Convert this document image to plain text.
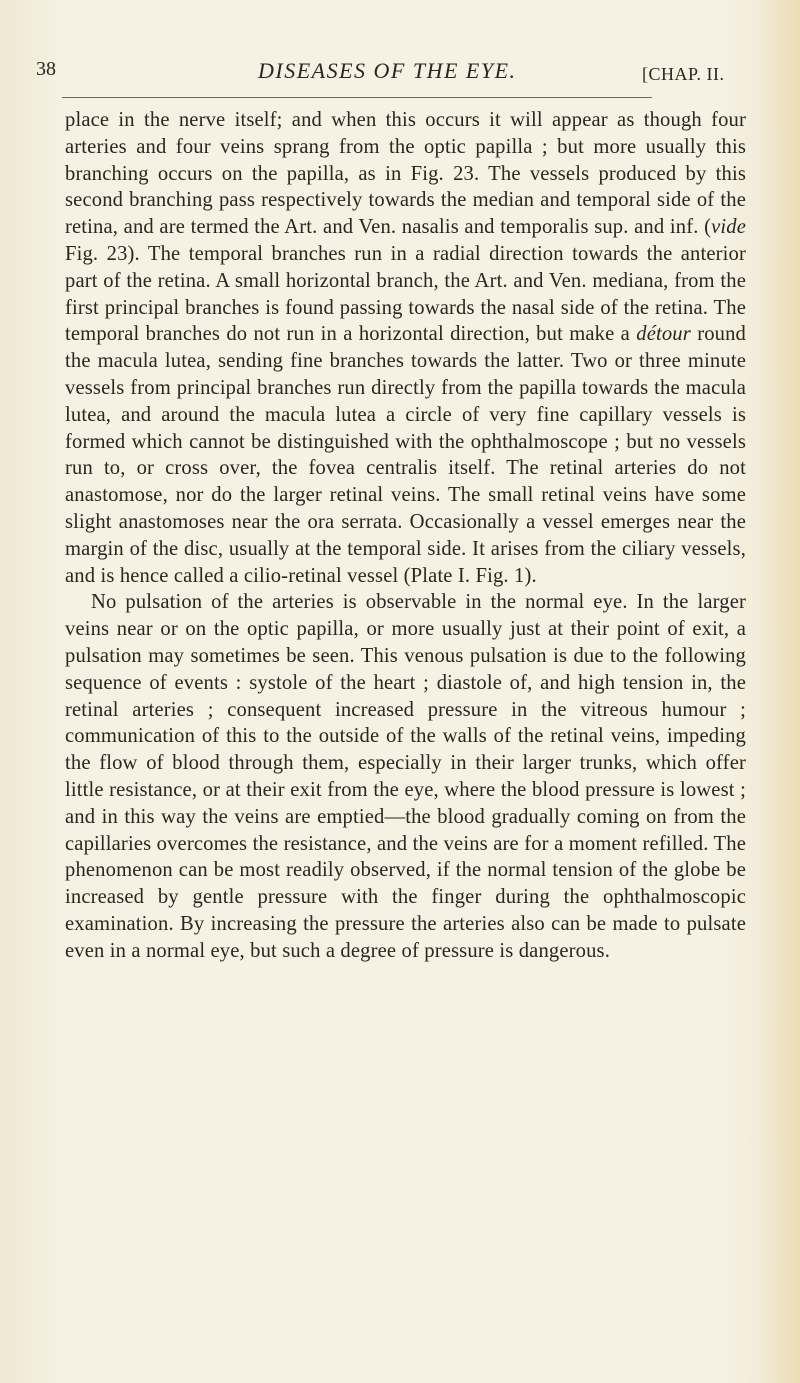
38	DISEASES OF THE EYE.	[CHAP. II.

place in the nerve itself; and when this occurs it will appear as though four arteries and four veins sprang from the optic papilla ; but more usually this branching occurs on the papilla, as in Fig. 23. The vessels produced by this second branching pass respectively towards the median and temporal side of the retina, and are termed the Art. and Ven. nasalis and temporalis sup. and inf. (vide Fig. 23). The temporal branches run in a radial direction towards the anterior part of the retina. A small horizontal branch, the Art. and Ven. mediana, from the first principal branches is found passing towards the nasal side of the retina. The temporal branches do not run in a horizontal direction, but make a détour round the macula lutea, sending fine branches towards the latter. Two or three minute vessels from principal branches run directly from the papilla towards the macula lutea, and around the macula lutea a circle of very fine capillary vessels is formed which cannot be distinguished with the ophthalmoscope ; but no vessels run to, or cross over, the fovea centralis itself. The retinal arteries do not anastomose, nor do the larger retinal veins. The small retinal veins have some slight anastomoses near the ora serrata. Occasionally a vessel emerges near the margin of the disc, usually at the temporal side. It arises from the ciliary vessels, and is hence called a cilio-retinal vessel (Plate I. Fig. 1).

No pulsation of the arteries is observable in the normal eye. In the larger veins near or on the optic papilla, or more usually just at their point of exit, a pulsation may sometimes be seen. This venous pulsation is due to the following sequence of events : systole of the heart ; diastole of, and high tension in, the retinal arteries ; consequent increased pressure in the vitreous humour ; communication of this to the outside of the walls of the retinal veins, impeding the flow of blood through them, especially in their larger trunks, which offer little resistance, or at their exit from the eye, where the blood pressure is lowest ; and in this way the veins are emptied—the blood gradually coming on from the capillaries overcomes the resistance, and the veins are for a moment refilled. The phenomenon can be most readily observed, if the normal tension of the globe be increased by gentle pressure with the finger during the ophthalmoscopic examination. By increasing the pressure the arteries also can be made to pulsate even in a normal eye, but such a degree of pressure is dangerous.
